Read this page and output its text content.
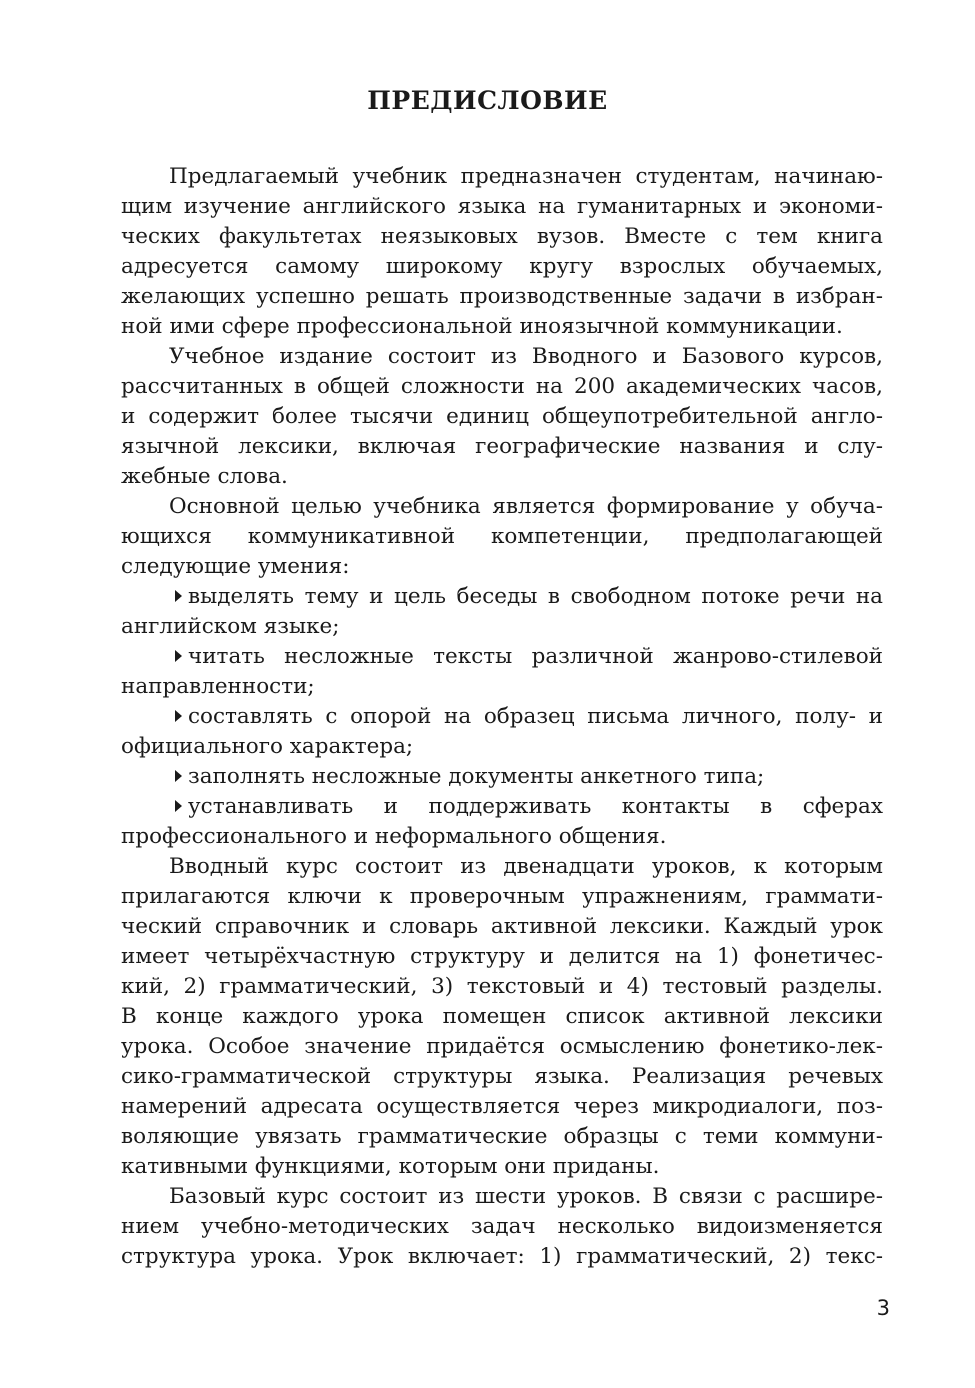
ПРЕДИСЛОВИЕ
Предлагаемый учебник предназначен студентам, начинаю-
щим изучение английского языка на гуманитарных и экономи-
ческих факультетах неязыковых вузов. Вместе с тем книга
адресуется самому широкому кругу взрослых обучаемых,
желающих успешно решать производственные задачи в избран-
ной ими сфере профессиональной иноязычной коммуникации.
Учебное издание состоит из Вводного и Базового курсов,
рассчитанных в общей сложности на 200 академических часов,
и содержит более тысячи единиц общеупотребительной англо-
язычной лексики, включая географические названия и слу-
жебные слова.
Основной целью учебника является формирование у обуча-
ющихся коммуникативной компетенции, предполагающей
следующие умения:
выделять тему и цель беседы в свободном потоке речи на
английском языке;
читать несложные тексты различной жанрово-стилевой
направленности;
составлять с опорой на образец письма личного, полу- и
официального характера;
заполнять несложные документы анкетного типа;
устанавливать и поддерживать контакты в сферах
профессионального и неформального общения.
Вводный курс состоит из двенадцати уроков, к которым
прилагаются ключи к проверочным упражнениям, граммати-
ческий справочник и словарь активной лексики. Каждый урок
имеет четырёхчастную структуру и делится на 1) фонетичес-
кий, 2) грамматический, 3) текстовый и 4) тестовый разделы.
В конце каждого урока помещен список активной лексики
урока. Особое значение придаётся осмыслению фонетико-лек-
сико-грамматической структуры языка. Реализация речевых
намерений адресата осуществляется через микродиалоги, поз-
воляющие увязать грамматические образцы с теми коммуни-
кативными функциями, которым они приданы.
Базовый курс состоит из шести уроков. В связи с расшире-
нием учебно-методических задач несколько видоизменяется
структура урока. Урок включает: 1) грамматический, 2) текс-
3
